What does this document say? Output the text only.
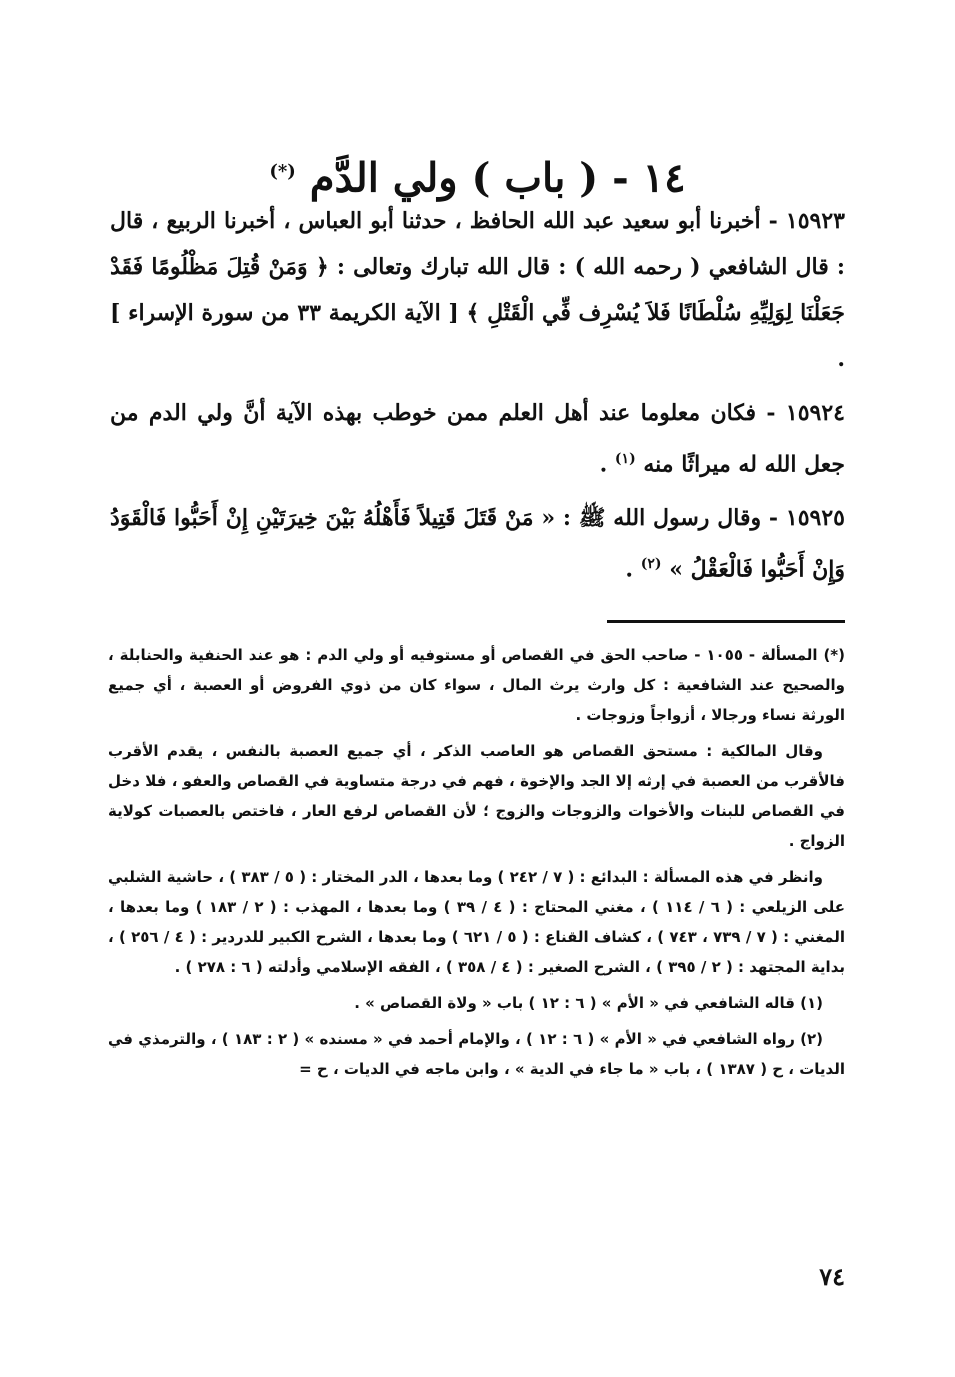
١٤ - ( باب ) ولي الدَّم (*)

١٥٩٢٣ - أخبرنا أبو سعيد عبد الله الحافظ ، حدثنا أبو العباس ، أخبرنا الربيع ، قال : قال الشافعي ( رحمه الله ) : قال الله تبارك وتعالى : ﴿ وَمَنْ قُتِلَ مَظْلُومًا فَقَدْ جَعَلْنَا لِوَلِيِّهِ سُلْطَانًا فَلاَ يُسْرِف فِّي الْقَتْلِ ﴾ [ الآية الكريمة ٣٣ من سورة الإسراء ] .

١٥٩٢٤ - فكان معلوما عند أهل العلم ممن خوطب بهذه الآية أنَّ ولي الدم من جعل الله له ميراثًا منه $^{(١)}$ .

١٥٩٢٥ - وقال رسول الله ﷺ : « مَنْ قَتَلَ قَتِيلاً فَأَهْلُهُ بَيْنَ خِيرَتَيْنِ إِنْ أَحَبُّوا فَالْقَوَدُ وَإِنْ أَحَبُّوا فَالْعَقْلُ » $^{(٢)}$ .

(*) المسألة - ١٠٥٥ - صاحب الحق في القصاص أو مستوفيه أو ولي الدم : هو عند الحنفية والحنابلة ، والصحيح عند الشافعية : كل وارث يرث المال ، سواء كان من ذوي الفروض أو العصبة ، أي جميع الورثة نساء ورجالا ، أزواجاً وزوجات .

وقال المالكية : مستحق القصاص هو العاصب الذكر ، أي جميع العصبة بالنفس ، يقدم الأقرب فالأقرب من العصبة في إرثه إلا الجد والإخوة ، فهم في درجة متساوية في القصاص والعفو ، فلا دخل في القصاص للبنات والأخوات والزوجات والزوج ؛ لأن القصاص لرفع العار ، فاختص بالعصبات كولاية الزواج .

وانظر في هذه المسألة : البدائع : ( ٧ / ٢٤٢ ) وما بعدها ، الدر المختار : ( ٥ / ٣٨٣ ) ، حاشية الشلبي على الزيلعي : ( ٦ / ١١٤ ) ، مغني المحتاج : ( ٤ / ٣٩ ) وما بعدها ، المهذب : ( ٢ / ١٨٣ ) وما بعدها ، المغني : ( ٧ / ٧٣٩ ، ٧٤٣ ) ، كشاف القناع : ( ٥ / ٦٢١ ) وما بعدها ، الشرح الكبير للدردير : ( ٤ / ٢٥٦ ) ، بداية المجتهد : ( ٢ / ٣٩٥ ) ، الشرح الصغير : ( ٤ / ٣٥٨ ) ، الفقه الإسلامي وأدلته ( ٦ : ٢٧٨ ) .

(١) قاله الشافعي في « الأم » ( ٦ : ١٢ ) باب « ولاة القصاص » .

(٢) رواه الشافعي في « الأم » ( ٦ : ١٢ ) ، والإمام أحمد في « مسنده » ( ٢ : ١٨٣ ) ، والترمذي في الديات ، ح ( ١٣٨٧ ) ، باب « ما جاء في الدية » ، وابن ماجه في الديات ، ح =

٧٤
